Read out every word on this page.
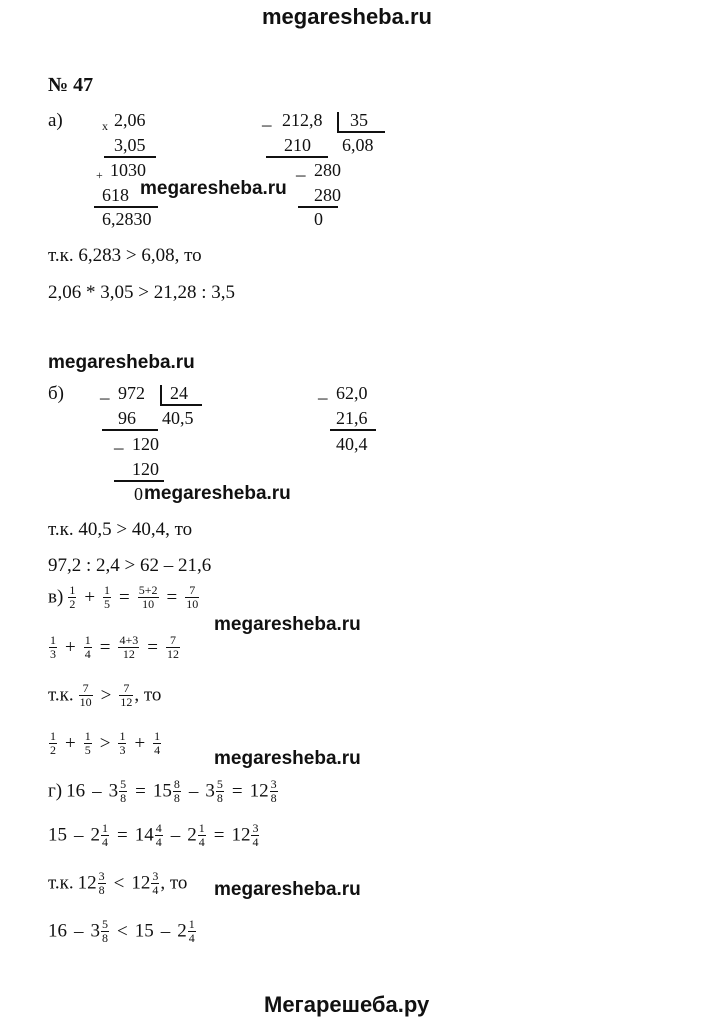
megaresheba.ru
Мегарешеба.ру
№ 47
а)	x 2,06
3,05
+ 1030
618
6,2830
_ 212,8 35
210 6,08
_ 280
280
0
megaresheba.ru
т.к. 6,283 > 6,08, то
2,06 * 3,05 > 21,28 : 3,5
megaresheba.ru
б) _ 972 24
96 40,5
_ 120
120
0 megaresheba.ru
_ 62,0
21,6
40,4
т.к. 40,5 > 40,4, то
97,2 : 2,4 > 62 – 21,6
$в) \frac{1}{2} + \frac{1}{5} = \frac{5+2}{10} = \frac{7}{10}$
megaresheba.ru
$\frac{1}{3} + \frac{1}{4} = \frac{4+3}{12} = \frac{7}{12}$
т.к. $\frac{7}{10} > \frac{7}{12}$ , то
$\frac{1}{2} + \frac{1}{5} > \frac{1}{3} + \frac{1}{4}$
megaresheba.ru
г) $16 - 3 \frac{5}{8} = 15 \frac{8}{8} - 3 \frac{5}{8} = 12 \frac{3}{8}$
$15 - 2 \frac{1}{4} = 14 \frac{4}{4} - 2 \frac{1}{4} = 12 \frac{3}{4}$
т.к. $12 \frac{3}{8} < 12 \frac{3}{4}$ , то megaresheba.ru
$16 - 3 \frac{5}{8} < 15 - 2 \frac{1}{4}$
